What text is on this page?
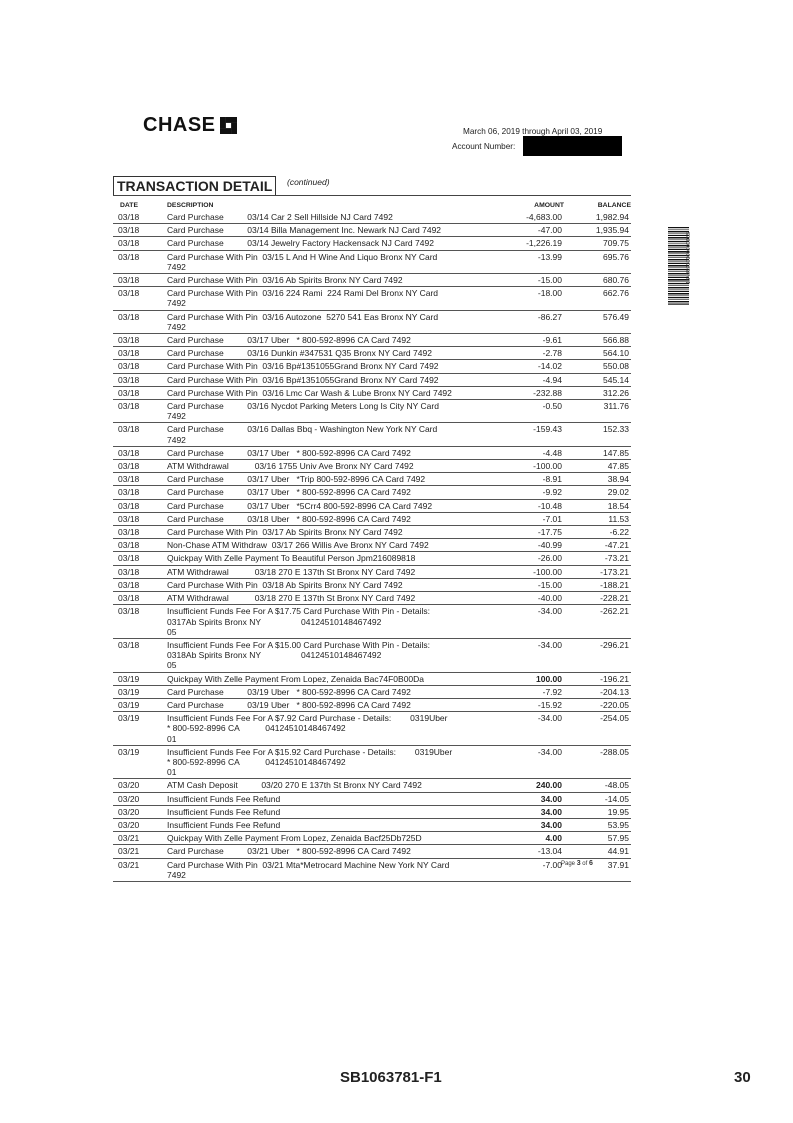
CHASE	March 06, 2019 through April 03, 2019
Account Number:
TRANSACTION DETAIL	(continued)
13498930000000065
DATE	DESCRIPTION	AMOUNT	BALANCE
03/18	Card Purchase          03/14 Car 2 Sell Hillside NJ Card 7492	-4,683.00	1,982.94
03/18	Card Purchase          03/14 Billa Management Inc. Newark NJ Card 7492	-47.00	1,935.94
03/18	Card Purchase          03/14 Jewelry Factory Hackensack NJ Card 7492	-1,226.19	709.75
03/18	Card Purchase With Pin  03/15 L And H Wine And Liquo Bronx NY Card
7492	-13.99	695.76
03/18	Card Purchase With Pin  03/16 Ab Spirits Bronx NY Card 7492	-15.00	680.76
03/18	Card Purchase With Pin  03/16 224 Rami  224 Rami Del Bronx NY Card
7492	-18.00	662.76
03/18	Card Purchase With Pin  03/16 Autozone  5270 541 Eas Bronx NY Card
7492	-86.27	576.49
03/18	Card Purchase          03/17 Uber   * 800-592-8996 CA Card 7492	-9.61	566.88
03/18	Card Purchase          03/16 Dunkin #347531 Q35 Bronx NY Card 7492	-2.78	564.10
03/18	Card Purchase With Pin  03/16 Bp#1351055Grand Bronx NY Card 7492	-14.02	550.08
03/18	Card Purchase With Pin  03/16 Bp#1351055Grand Bronx NY Card 7492	-4.94	545.14
03/18	Card Purchase With Pin  03/16 Lmc Car Wash & Lube Bronx NY Card 7492	-232.88	312.26
03/18	Card Purchase          03/16 Nycdot Parking Meters Long Is City NY Card
7492	-0.50	311.76
03/18	Card Purchase          03/16 Dallas Bbq - Washington New York NY Card
7492	-159.43	152.33
03/18	Card Purchase          03/17 Uber   * 800-592-8996 CA Card 7492	-4.48	147.85
03/18	ATM Withdrawal           03/16 1755 Univ Ave Bronx NY Card 7492	-100.00	47.85
03/18	Card Purchase          03/17 Uber   *Trip 800-592-8996 CA Card 7492	-8.91	38.94
03/18	Card Purchase          03/17 Uber   * 800-592-8996 CA Card 7492	-9.92	29.02
03/18	Card Purchase          03/17 Uber   *5Crr4 800-592-8996 CA Card 7492	-10.48	18.54
03/18	Card Purchase          03/18 Uber   * 800-592-8996 CA Card 7492	-7.01	11.53
03/18	Card Purchase With Pin  03/17 Ab Spirits Bronx NY Card 7492	-17.75	-6.22
03/18	Non-Chase ATM Withdraw  03/17 266 Willis Ave Bronx NY Card 7492	-40.99	-47.21
03/18	Quickpay With Zelle Payment To Beautiful Person Jpm216089818	-26.00	-73.21
03/18	ATM Withdrawal           03/18 270 E 137th St Bronx NY Card 7492	-100.00	-173.21
03/18	Card Purchase With Pin  03/18 Ab Spirits Bronx NY Card 7492	-15.00	-188.21
03/18	ATM Withdrawal           03/18 270 E 137th St Bronx NY Card 7492	-40.00	-228.21
03/18	Insufficient Funds Fee For A $17.75 Card Purchase With Pin - Details:
0317Ab Spirits Bronx NY                 04124510148467492
05	-34.00	-262.21
03/18	Insufficient Funds Fee For A $15.00 Card Purchase With Pin - Details:
0318Ab Spirits Bronx NY                 04124510148467492
05	-34.00	-296.21
03/19	Quickpay With Zelle Payment From Lopez, Zenaida Bac74F0B00Da	100.00	-196.21
03/19	Card Purchase          03/19 Uber   * 800-592-8996 CA Card 7492	-7.92	-204.13
03/19	Card Purchase          03/19 Uber   * 800-592-8996 CA Card 7492	-15.92	-220.05
03/19	Insufficient Funds Fee For A $7.92 Card Purchase - Details:        0319Uber
* 800-592-8996 CA           04124510148467492
01	-34.00	-254.05
03/19	Insufficient Funds Fee For A $15.92 Card Purchase - Details:        0319Uber
* 800-592-8996 CA           04124510148467492
01	-34.00	-288.05
03/20	ATM Cash Deposit          03/20 270 E 137th St Bronx NY Card 7492	240.00	-48.05
03/20	Insufficient Funds Fee Refund	34.00	-14.05
03/20	Insufficient Funds Fee Refund	34.00	19.95
03/20	Insufficient Funds Fee Refund	34.00	53.95
03/21	Quickpay With Zelle Payment From Lopez, Zenaida Bacf25Db725D	4.00	57.95
03/21	Card Purchase          03/21 Uber   * 800-592-8996 CA Card 7492	-13.04	44.91
03/21	Card Purchase With Pin  03/21 Mta*Metrocard Machine New York NY Card
7492	-7.00	37.91
Page 3 of 6
SB1063781-F1	30
